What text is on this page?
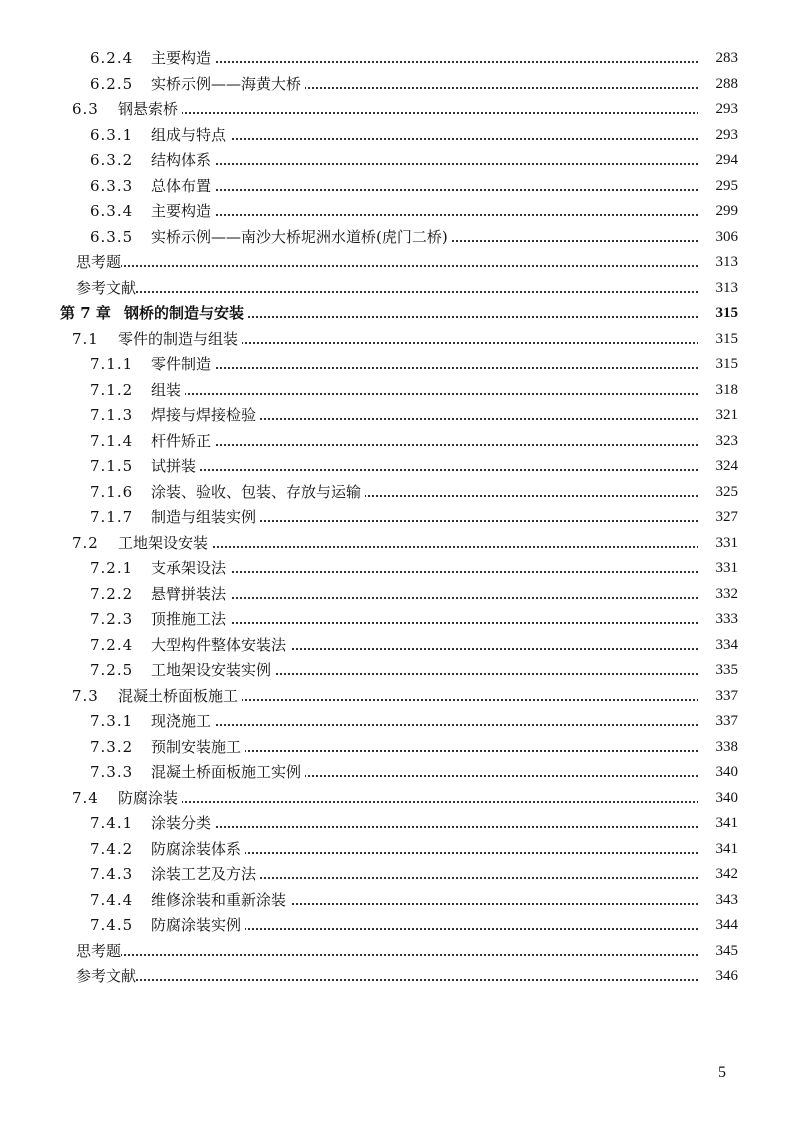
6.2.4 主要构造	283
6.2.5 实桥示例——海黄大桥	288
6.3 钢悬索桥	293
6.3.1 组成与特点	293
6.3.2 结构体系	294
6.3.3 总体布置	295
6.3.4 主要构造	299
6.3.5 实桥示例——南沙大桥坭洲水道桥(虎门二桥)	306
思考题	313
参考文献	313
第 7 章 钢桥的制造与安装	315
7.1 零件的制造与组装	315
7.1.1 零件制造	315
7.1.2 组装	318
7.1.3 焊接与焊接检验	321
7.1.4 杆件矫正	323
7.1.5 试拼装	324
7.1.6 涂装、验收、包装、存放与运输	325
7.1.7 制造与组装实例	327
7.2 工地架设安装	331
7.2.1 支承架设法	331
7.2.2 悬臂拼装法	332
7.2.3 顶推施工法	333
7.2.4 大型构件整体安装法	334
7.2.5 工地架设安装实例	335
7.3 混凝土桥面板施工	337
7.3.1 现浇施工	337
7.3.2 预制安装施工	338
7.3.3 混凝土桥面板施工实例	340
7.4 防腐涂装	340
7.4.1 涂装分类	341
7.4.2 防腐涂装体系	341
7.4.3 涂装工艺及方法	342
7.4.4 维修涂装和重新涂装	343
7.4.5 防腐涂装实例	344
思考题	345
参考文献	346
5
